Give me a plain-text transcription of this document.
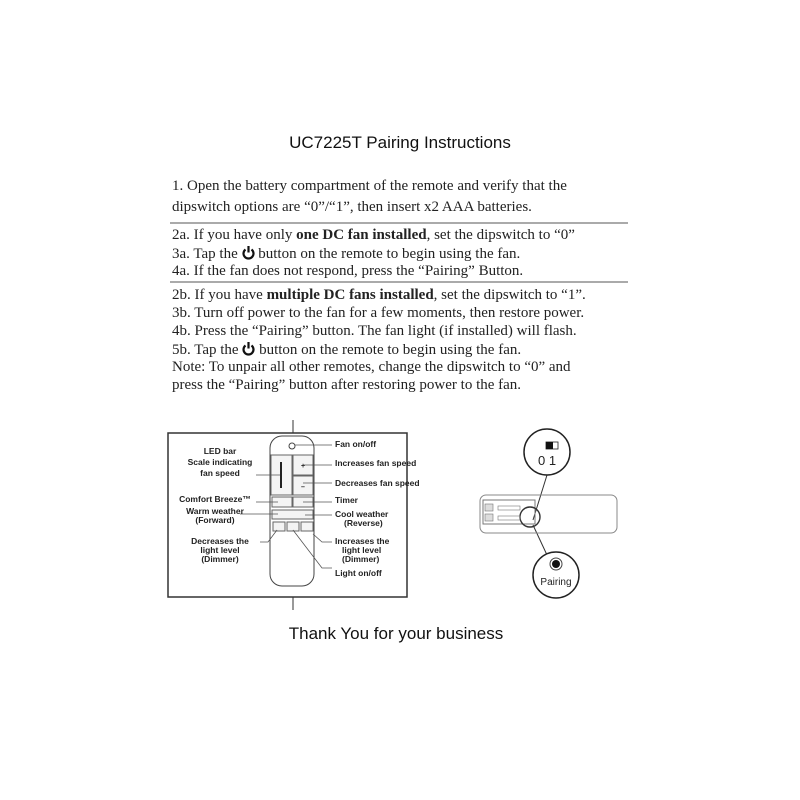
UC7225T Pairing Instructions
1. Open the battery compartment of the remote and verify that the
dipswitch options are “0”/“1”, then insert x2 AAA batteries.
2a. If you have only one DC fan installed, set the dipswitch to “0”
3a. Tap the  button on the remote to begin using the fan.
4a. If the fan does not respond, press the “Pairing” Button.
2b. If you have multiple DC fans installed, set the dipswitch to “1”.
3b. Turn off power to the fan for a few moments, then restore power.
4b. Press the “Pairing” button. The fan light (if installed) will flash.
5b. Tap the  button on the remote to begin using the fan.
Note: To unpair all other remotes, change the dipswitch to “0” and
press the “Pairing” button after restoring power to the fan.
+
–
LED bar
Scale indicating
fan speed
Comfort Breeze™
Warm weather
(Forward)
Decreases the
light level
(Dimmer)
Fan on/off
Increases fan speed
Decreases fan speed
Timer
Cool weather
(Reverse)
Increases the
light level
(Dimmer)
Light on/off
0 1
Pairing
Thank You for your business
